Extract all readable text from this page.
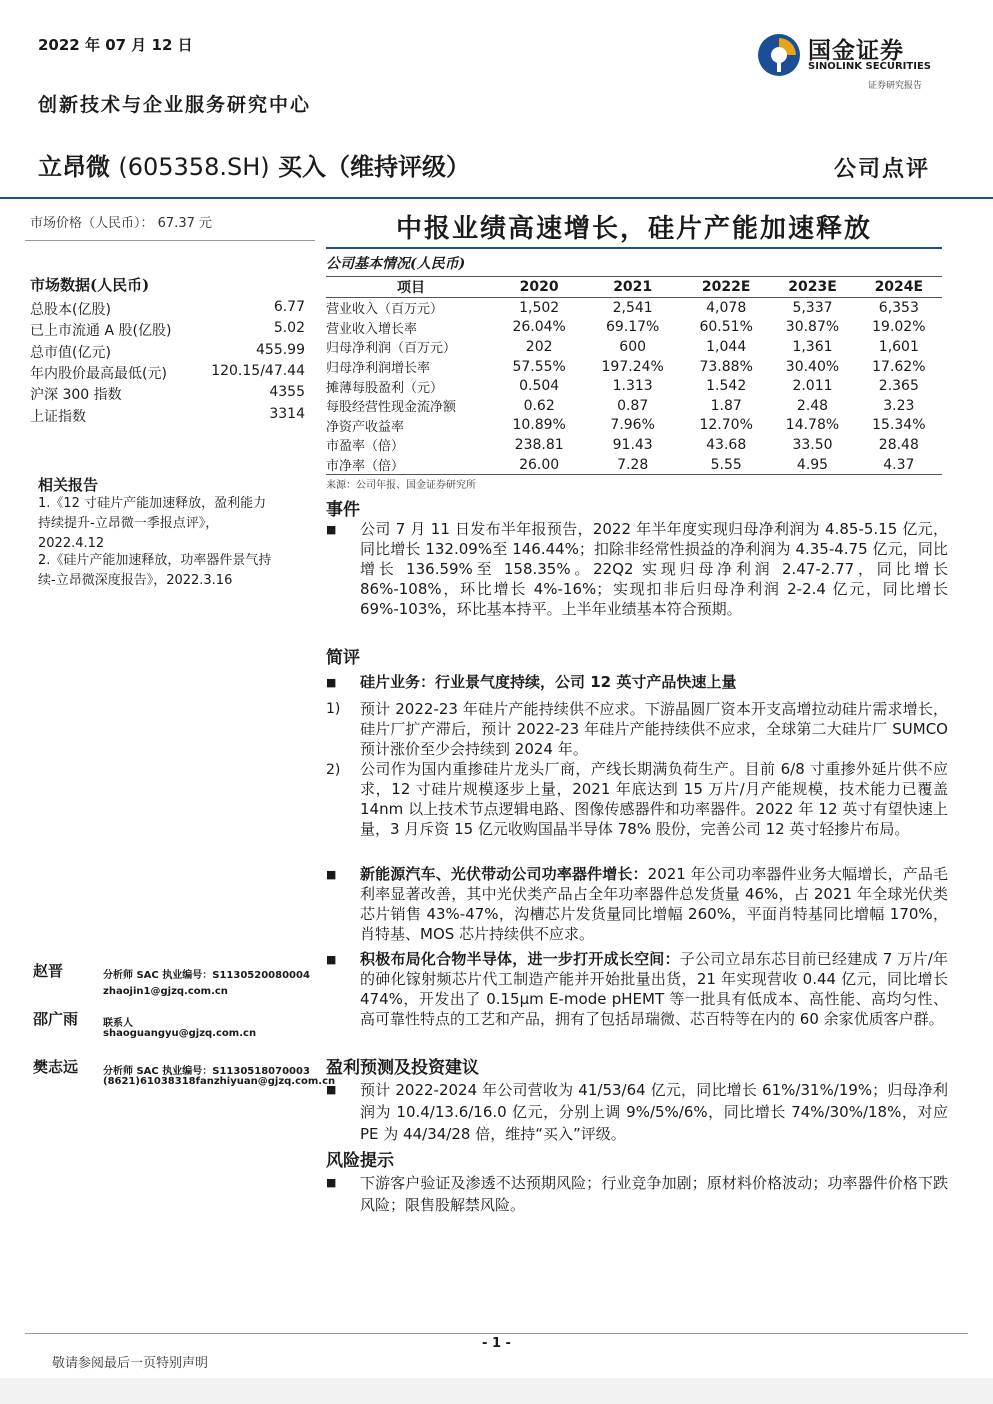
2022 年 07 月 12 日	国金证券
SINOLINK SECURITIES
证券研究报告
创新技术与企业服务研究中心
立昂微 (605358.SH) 买入（维持评级）	公司点评
市场价格（人民币）： 67.37 元
市场数据(人民币)
总股本(亿股)	6.77
已上市流通 A 股(亿股)	5.02
总市值(亿元)	455.99
年内股价最高最低(元)	120.15/47.44
沪深 300 指数	4355
上证指数	3314
相关报告
1.《12 寸硅片产能加速释放，盈利能力
持续提升-立昂微一季报点评》，
2022.4.12
2.《硅片产能加速释放，功率器件景气持
续-立昂微深度报告》，2022.3.16
赵晋	分析师 SAC 执业编号：S1130520080004
zhaojin1@gjzq.com.cn
邵广雨 联系人
shaoguangyu@gjzq.com.cn
樊志远 分析师 SAC 执业编号：S1130518070003
(8621)61038318fanzhiyuan@gjzq.com.cn
中报业绩高速增长，硅片产能加速释放
公司基本情况(人民币)
项目	2020	2021	2022E	2023E	2024E
营业收入（百万元）	1,502	2,541	4,078	5,337	6,353
营业收入增长率	26.04%	69.17%	60.51%	30.87%	19.02%
归母净利润（百万元）	202	600	1,044	1,361	1,601
归母净利润增长率	57.55%	197.24%	73.88%	30.40%	17.62%
摊薄每股盈利（元）	0.504	1.313	1.542	2.011	2.365
每股经营性现金流净额	0.62	0.87	1.87	2.48	3.23
净资产收益率	10.89%	7.96%	12.70%	14.78%	15.34%
市盈率（倍）	238.81	91.43	43.68	33.50	28.48
市净率（倍）	26.00	7.28	5.55	4.95	4.37
来源：公司年报、国金证券研究所
事件
■ 公司 7 月 11 日发布半年报预告，2022 年半年度实现归母净利润为 4.85-5.15 亿元，同比增长 132.09%至 146.44%；扣除非经常性损益的净利润为 4.35-4.75 亿元，同比增长 136.59%至 158.35%。22Q2 实现归母净利润 2.47-2.77，同比增长 86%-108%，环比增长 4%-16%；实现扣非后归母净利润 2-2.4 亿元，同比增长 69%-103%，环比基本持平。上半年业绩基本符合预期。
简评
■ 硅片业务：行业景气度持续，公司 12 英寸产品快速上量
1) 预计 2022-23 年硅片产能持续供不应求。下游晶圆厂资本开支高增拉动硅片需求增长，硅片厂扩产滞后，预计 2022-23 年硅片产能持续供不应求，全球第二大硅片厂 SUMCO 预计涨价至少会持续到 2024 年。
2) 公司作为国内重掺硅片龙头厂商，产线长期满负荷生产。目前 6/8 寸重掺外延片供不应求，12 寸硅片规模逐步上量，2021 年底达到 15 万片/月产能规模，技术能力已覆盖 14nm 以上技术节点逻辑电路、图像传感器件和功率器件。2022 年 12 英寸有望快速上量，3 月斥资 15 亿元收购国晶半导体 78% 股份，完善公司 12 英寸轻掺片布局。
■ 新能源汽车、光伏带动公司功率器件增长：2021 年公司功率器件业务大幅增长，产品毛利率显著改善，其中光伏类产品占全年功率器件总发货量 46%，占 2021 年全球光伏类芯片销售 43%-47%，沟槽芯片发货量同比增幅 260%，平面肖特基同比增幅 170%，肖特基、MOS 芯片持续供不应求。
■ 积极布局化合物半导体，进一步打开成长空间：子公司立昂东芯目前已经建成 7 万片/年的砷化镓射频芯片代工制造产能并开始批量出货，21 年实现营收 0.44 亿元，同比增长 474%，开发出了 0.15μm E-mode pHEMT 等一批具有低成本、高性能、高均匀性、高可靠性特点的工艺和产品，拥有了包括昂瑞微、芯百特等在内的 60 余家优质客户群。
盈利预测及投资建议
■ 预计 2022-2024 年公司营收为 41/53/64 亿元，同比增长 61%/31%/19%；归母净利润为 10.4/13.6/16.0 亿元，分别上调 9%/5%/6%，同比增长 74%/30%/18%，对应 PE 为 44/34/28 倍，维持“买入”评级。
风险提示
■ 下游客户验证及渗透不达预期风险；行业竞争加剧；原材料价格波动；功率器件价格下跌风险；限售股解禁风险。
- 1 -
敬请参阅最后一页特别声明
